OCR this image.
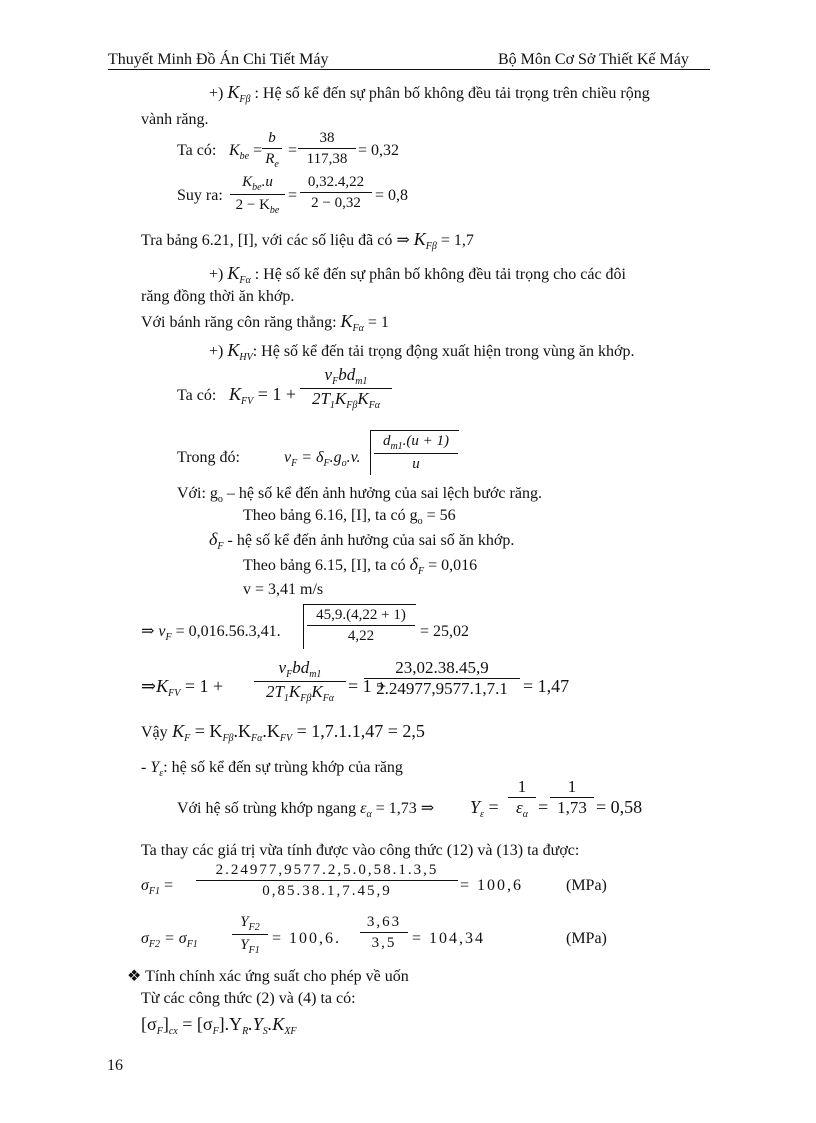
Thuyết Minh Đồ Án Chi Tiết Máy	Bộ Môn Cơ Sở Thiết Kế Máy
+) $K_{F\beta}$ : Hệ số kể đến sự phân bố không đều tải trọng trên chiều rộng
vành răng.
Ta có: $K_{be}$ =
b
$R_e$
=
38
117,38 = 0,32
Suy ra:
$K_{be}.u$
$2 - K_{be}$
=
0,32.4,22
2 − 0,32 = 0,8
Tra bảng 6.21, [I], với các số liệu đã có ⇒ $K_{F\beta} = 1,7$
+) $K_{F\alpha}$ : Hệ số kể đến sự phân bố không đều tải trọng cho các đôi
răng đồng thời ăn khớp.
Với bánh răng côn răng thẳng: $K_{F\alpha} = 1$
+) $K_{HV}$: Hệ số kể đến tải trọng động xuất hiện trong vùng ăn khớp.
Ta có: $K_{FV} = 1$ +
$v_Fbd_{m1}$
$2T_1K_{F\beta}K_{F\alpha}$
Trong đó:	$v_F = \delta_F.g_o.v$.
$d_{m1}.(u + 1)$
u
Với: $g_o$ – hệ số kể đến ảnh hưởng của sai lệch bước răng.
Theo bảng 6.16, [I], ta có $g_o = 56$
$\delta_F$ - hệ số kể đến ảnh hưởng của sai số ăn khớp.
Theo bảng 6.15, [I], ta có $\delta_F = 0,016$
v = 3,41 m/s
⇒ $v_F = 0,016.56.3,41$.
45,9.(4,22 + 1)
4,22	= 25,02
$\Rightarrow K_{FV} = 1$ +
$v_Fbd_{m1}$
$2T_1K_{F\beta}K_{F\alpha}$
= 1 +
23,02.38.45,9
2.24977,9577.1,7.1 = 1,47
Vậy $K_F = K_{F\beta}.K_{F\alpha}.K_{FV} = 1,7.1.1,47 = 2,5$
- $Y_\varepsilon$: hệ số kể đến sự trùng khớp của răng
Với hệ số trùng khớp ngang $\varepsilon_\alpha = 1,73$ ⇒ $Y_\varepsilon$ =
1
$\varepsilon_\alpha$ =
1
1,73 = 0,58
Ta thay các giá trị vừa tính được vào công thức (12) và (13) ta được:
$\sigma_{F1}$ =
2.24977,9577.2,5.0,58.1.3,5
0,85.38.1,7.45,9	= 100,6	(MPa)
$\sigma_{F2} = \sigma_{F1}$
$Y_{F2}$
$Y_{F1}$
= 100,6.
3,63
3,5 = 104,34	(MPa)
❖ Tính chính xác ứng suất cho phép về uốn
Từ các công thức (2) và (4) ta có:
$[\sigma_F]_{cx} = [\sigma_F].Y_R.Y_S.K_{XF}$
16
